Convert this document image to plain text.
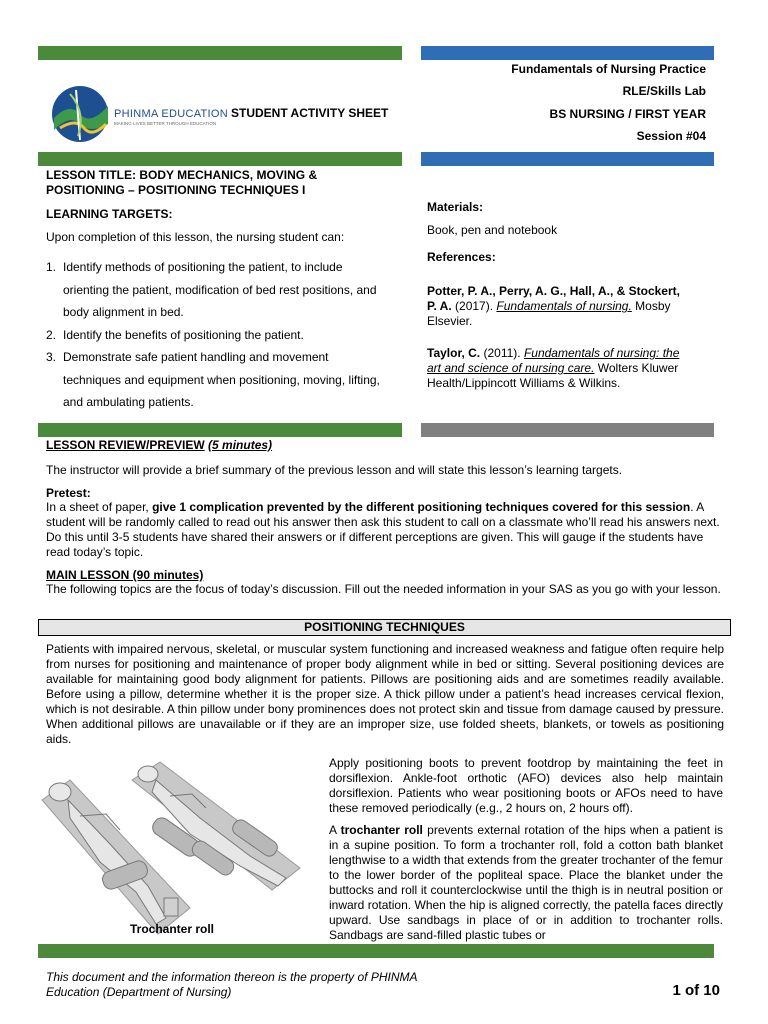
PHINMA EDUCATION
MAKING LIVES BETTER THROUGH EDUCATION
STUDENT ACTIVITY SHEET
Fundamentals of Nursing Practice
RLE/Skills Lab
BS NURSING / FIRST YEAR
Session #04
LESSON TITLE: BODY MECHANICS, MOVING &
POSITIONING – POSITIONING TECHNIQUES I
LEARNING TARGETS:
Upon completion of this lesson, the nursing student can:
1. Identify methods of positioning the patient, to include
orienting the patient, modification of bed rest positions, and
body alignment in bed.
2. Identify the benefits of positioning the patient.
3. Demonstrate safe patient handling and movement
techniques and equipment when positioning, moving, lifting,
and ambulating patients.
Materials:
Book, pen and notebook
References:
Potter, P. A., Perry, A. G., Hall, A., & Stockert,
P. A. (2017). Fundamentals of nursing. Mosby
Elsevier.
Taylor, C. (2011). Fundamentals of nursing: the
art and science of nursing care. Wolters Kluwer
Health/Lippincott Williams & Wilkins.
LESSON REVIEW/PREVIEW (5 minutes)
The instructor will provide a brief summary of the previous lesson and will state this lesson’s learning targets.
Pretest:
In a sheet of paper, give 1 complication prevented by the different positioning techniques covered for this session. A student will be randomly called to read out his answer then ask this student to call on a classmate who’ll read his answers next. Do this until 3-5 students have shared their answers or if different perceptions are given. This will gauge if the students have read today’s topic.
MAIN LESSON (90 minutes)
The following topics are the focus of today’s discussion. Fill out the needed information in your SAS as you go with your lesson.
POSITIONING TECHNIQUES
Patients with impaired nervous, skeletal, or muscular system functioning and increased weakness and fatigue often require help from nurses for positioning and maintenance of proper body alignment while in bed or sitting. Several positioning devices are available for maintaining good body alignment for patients. Pillows are positioning aids and are sometimes readily available. Before using a pillow, determine whether it is the proper size. A thick pillow under a patient’s head increases cervical flexion, which is not desirable. A thin pillow under bony prominences does not protect skin and tissue from damage caused by pressure. When additional pillows are unavailable or if they are an improper size, use folded sheets, blankets, or towels as positioning aids.
Trochanter roll
Apply positioning boots to prevent footdrop by maintaining the feet in dorsiflexion. Ankle-foot orthotic (AFO) devices also help maintain dorsiflexion. Patients who wear positioning boots or AFOs need to have these removed periodically (e.g., 2 hours on, 2 hours off).
A trochanter roll prevents external rotation of the hips when a patient is in a supine position. To form a trochanter roll, fold a cotton bath blanket lengthwise to a width that extends from the greater trochanter of the femur to the lower border of the popliteal space. Place the blanket under the buttocks and roll it counterclockwise until the thigh is in neutral position or inward rotation. When the hip is aligned correctly, the patella faces directly upward. Use sandbags in place of or in addition to trochanter rolls. Sandbags are sand-filled plastic tubes or
This document and the information thereon is the property of PHINMA
Education (Department of Nursing)	1 of 10
